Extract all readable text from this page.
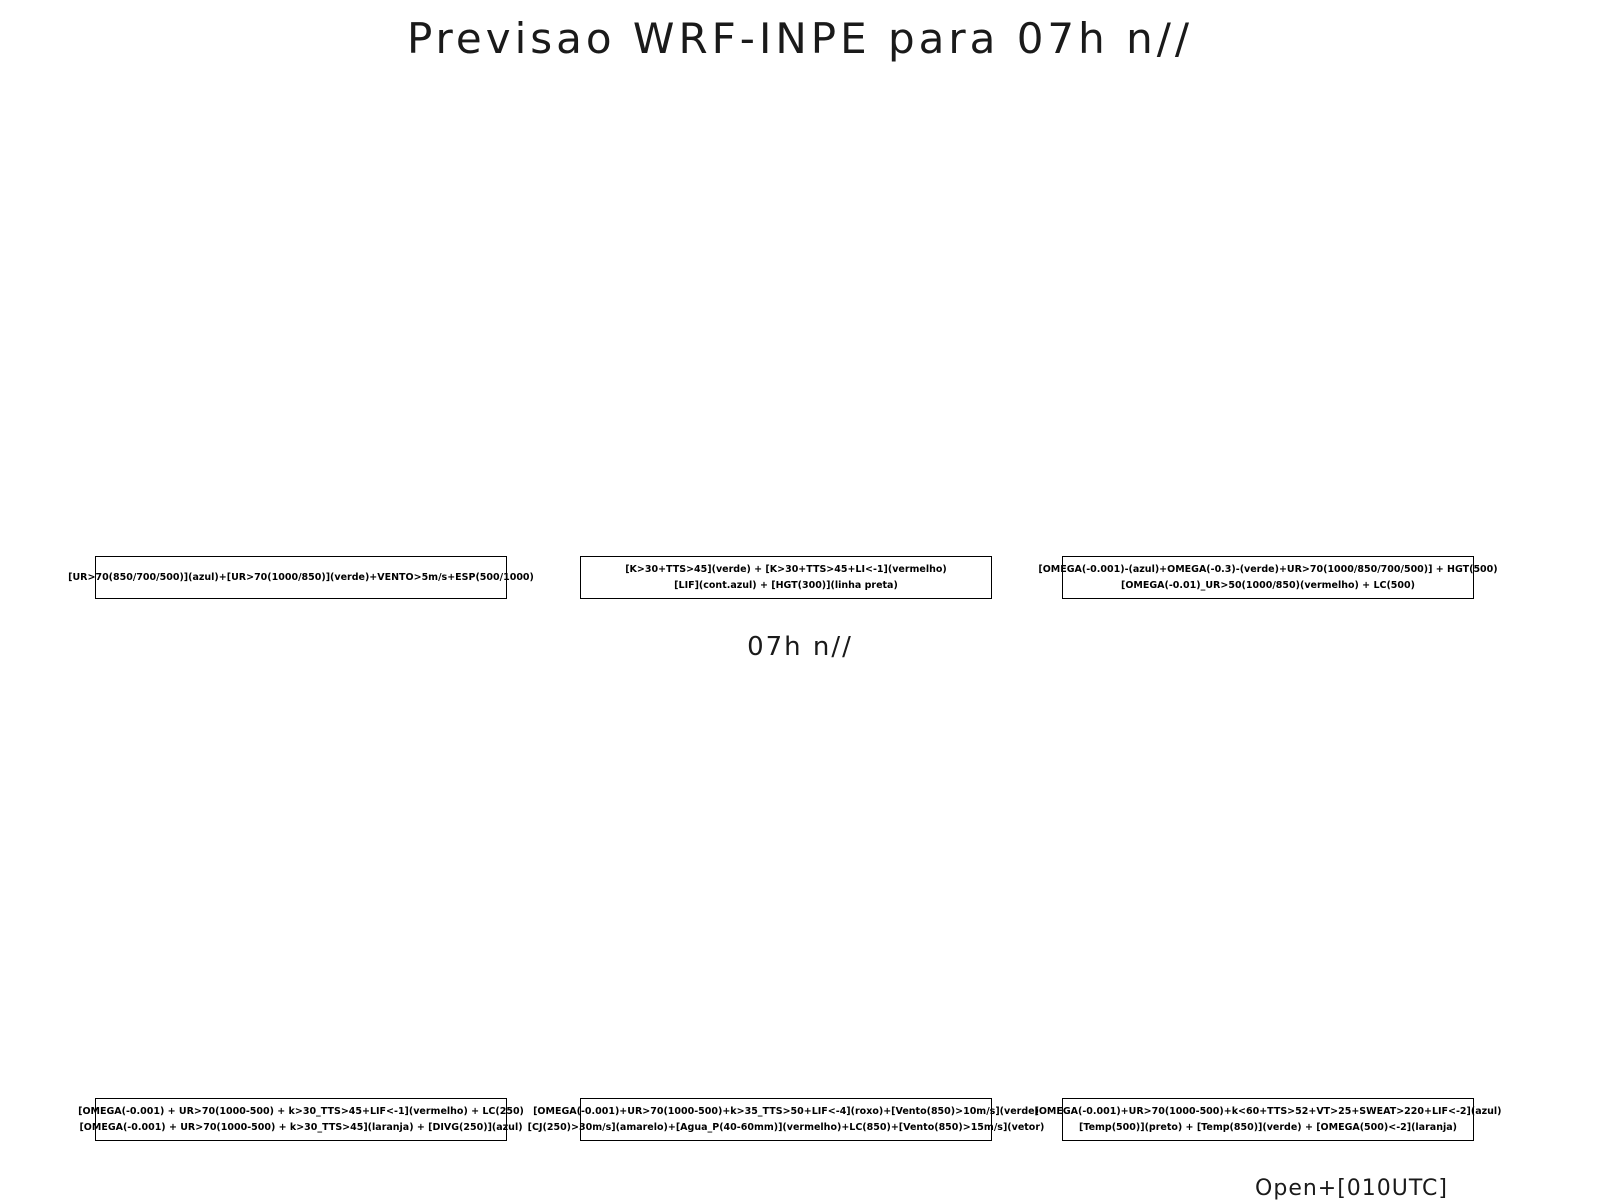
Previsao WRF-INPE para 07h n//
[UR>70(850/700/500)](azul)+[UR>70(1000/850)](verde)+VENTO>5m/s+ESP(500/1000)
[K>30+TTS>45](verde) + [K>30+TTS>45+LI<-1](vermelho)
[LIF](cont.azul) + [HGT(300)](linha preta)
[OMEGA(-0.001)-(azul)+OMEGA(-0.3)-(verde)+UR>70(1000/850/700/500)] + HGT(500)
[OMEGA(-0.01)_UR>50(1000/850)(vermelho) + LC(500)
07h n//
[OMEGA(-0.001) + UR>70(1000-500) + k>30_TTS>45+LIF<-1](vermelho) + LC(250)
[OMEGA(-0.001) + UR>70(1000-500) + k>30_TTS>45](laranja) + [DIVG(250)](azul)
[OMEGA(-0.001)+UR>70(1000-500)+k>35_TTS>50+LIF<-4](roxo)+[Vento(850)>10m/s](verde)
[CJ(250)>30m/s](amarelo)+[Agua_P(40-60mm)](vermelho)+LC(850)+[Vento(850)>15m/s](vetor)
[OMEGA(-0.001)+UR>70(1000-500)+k<60+TTS>52+VT>25+SWEAT>220+LIF<-2](azul)
[Temp(500)](preto) + [Temp(850)](verde) + [OMEGA(500)<-2](laranja)
Open+[010UTC]
